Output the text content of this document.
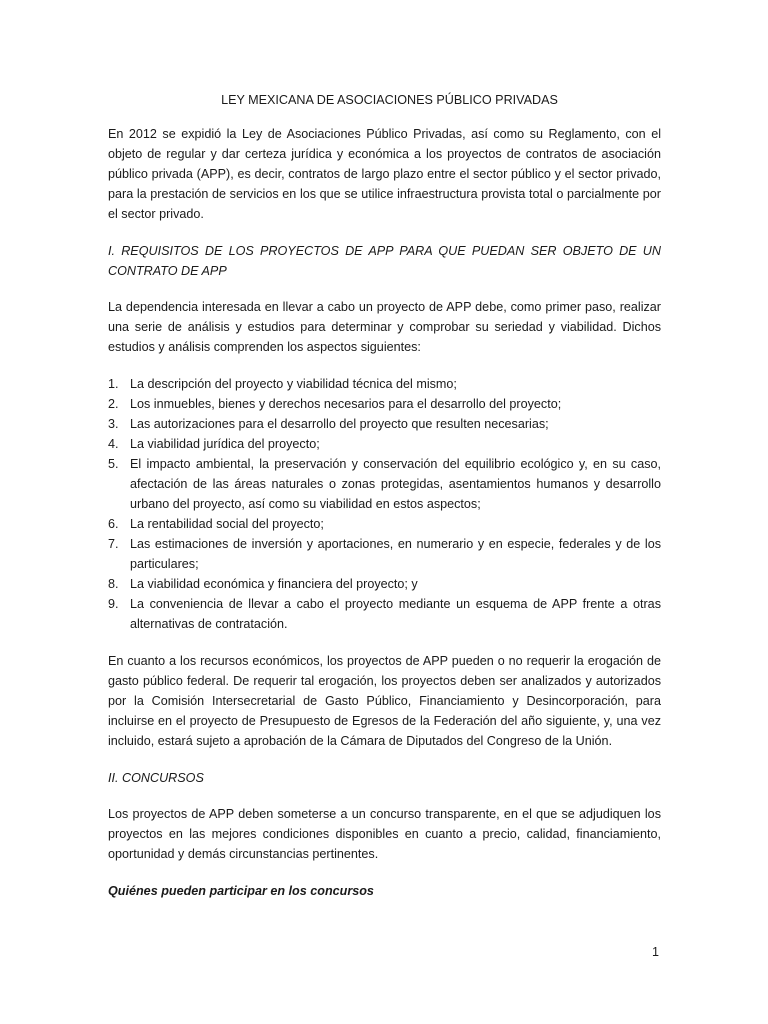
LEY MEXICANA DE ASOCIACIONES PÚBLICO PRIVADAS

En 2012 se expidió la Ley de Asociaciones Público Privadas, así como su Reglamento, con el objeto de regular y dar certeza jurídica y económica a los proyectos de contratos de asociación público privada (APP), es decir, contratos de largo plazo entre el sector público y el sector privado, para la prestación de servicios en los que se utilice infraestructura provista total o parcialmente por el sector privado.

I. REQUISITOS DE LOS PROYECTOS DE APP PARA QUE PUEDAN SER OBJETO DE UN CONTRATO DE APP

La dependencia interesada en llevar a cabo un proyecto de APP debe, como primer paso, realizar una serie de análisis y estudios para determinar y comprobar su seriedad y viabilidad. Dichos estudios y análisis comprenden los aspectos siguientes:

1. La descripción del proyecto y viabilidad técnica del mismo;
2. Los inmuebles, bienes y derechos necesarios para el desarrollo del proyecto;
3. Las autorizaciones para el desarrollo del proyecto que resulten necesarias;
4. La viabilidad jurídica del proyecto;
5. El impacto ambiental, la preservación y conservación del equilibrio ecológico y, en su caso, afectación de las áreas naturales o zonas protegidas, asentamientos humanos y desarrollo urbano del proyecto, así como su viabilidad en estos aspectos;
6. La rentabilidad social del proyecto;
7. Las estimaciones de inversión y aportaciones, en numerario y en especie, federales y de los particulares;
8. La viabilidad económica y financiera del proyecto; y
9. La conveniencia de llevar a cabo el proyecto mediante un esquema de APP frente a otras alternativas de contratación.

En cuanto a los recursos económicos, los proyectos de APP pueden o no requerir la erogación de gasto público federal. De requerir tal erogación, los proyectos deben ser analizados y autorizados por la Comisión Intersecretarial de Gasto Público, Financiamiento y Desincorporación, para incluirse en el proyecto de Presupuesto de Egresos de la Federación del año siguiente, y, una vez incluido, estará sujeto a aprobación de la Cámara de Diputados del Congreso de la Unión.

II. CONCURSOS

Los proyectos de APP deben someterse a un concurso transparente, en el que se adjudiquen los proyectos en las mejores condiciones disponibles en cuanto a precio, calidad, financiamiento, oportunidad y demás circunstancias pertinentes.

Quiénes pueden participar en los concursos

1
